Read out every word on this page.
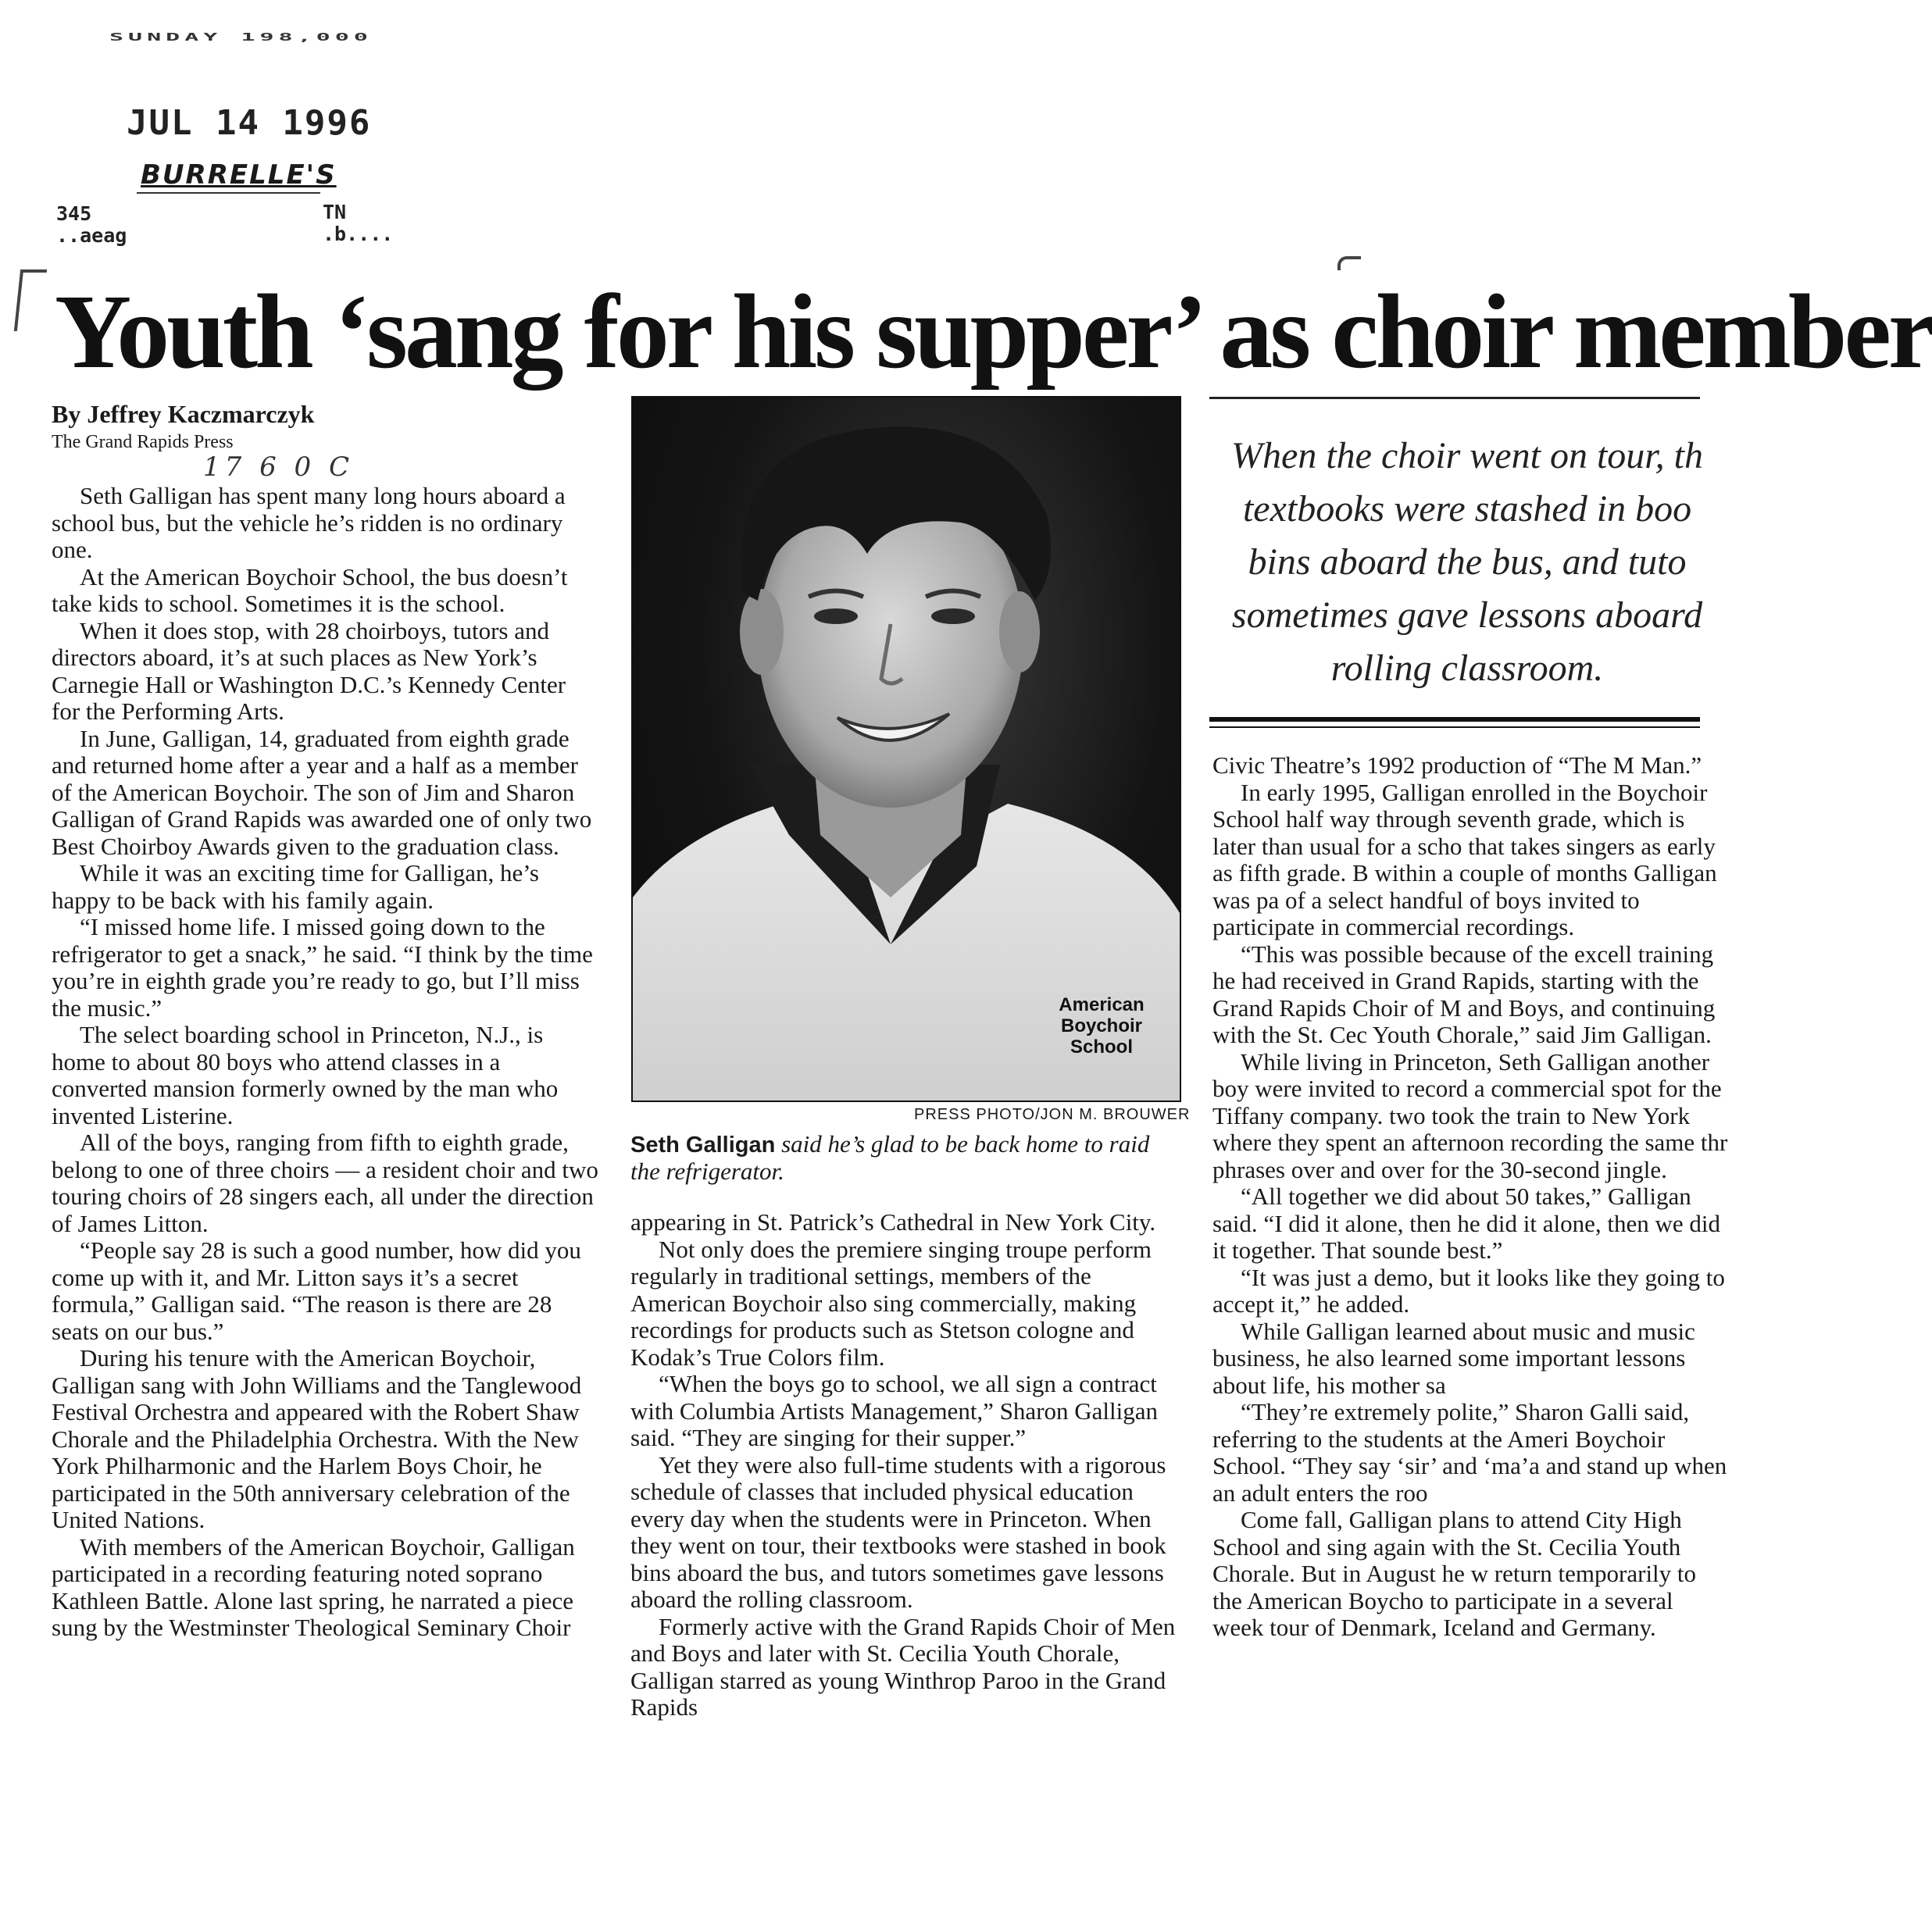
SUNDAY 198,000
JUL 14 1996
BURRELLE'S
345
..aeag
TN
.b....
Youth ‘sang for his supper’ as choir member
By Jeffrey Kaczmarczyk
The Grand Rapids Press
17 6 0 C

Seth Galligan has spent many long hours aboard a school bus, but the vehicle he’s ridden is no ordinary one.

At the American Boychoir School, the bus doesn’t take kids to school. Sometimes it is the school.

When it does stop, with 28 choirboys, tutors and directors aboard, it’s at such places as New York’s Carnegie Hall or Washington D.C.’s Kennedy Center for the Performing Arts.

In June, Galligan, 14, graduated from eighth grade and returned home after a year and a half as a member of the American Boychoir. The son of Jim and Sharon Galligan of Grand Rapids was awarded one of only two Best Choirboy Awards given to the graduation class.

While it was an exciting time for Galligan, he’s happy to be back with his family again.

“I missed home life. I missed going down to the refrigerator to get a snack,” he said. “I think by the time you’re in eighth grade you’re ready to go, but I’ll miss the music.”

The select boarding school in Princeton, N.J., is home to about 80 boys who attend classes in a converted mansion formerly owned by the man who invented Listerine.

All of the boys, ranging from fifth to eighth grade, belong to one of three choirs — a resident choir and two touring choirs of 28 singers each, all under the direction of James Litton.

“People say 28 is such a good number, how did you come up with it, and Mr. Litton says it’s a secret formula,” Galligan said. “The reason is there are 28 seats on our bus.”

During his tenure with the American Boychoir, Galligan sang with John Williams and the Tanglewood Festival Orchestra and appeared with the Robert Shaw Chorale and the Philadelphia Orchestra. With the New York Philharmonic and the Harlem Boys Choir, he participated in the 50th anniversary celebration of the United Nations.

With members of the American Boychoir, Galligan participated in a recording featuring noted soprano Kathleen Battle. Alone last spring, he narrated a piece sung by the Westminster Theological Seminary Choir

American
Boychoir
School
PRESS PHOTO/JON M. BROUWER
Seth Galligan said he’s glad to be back home to raid the refrigerator.

appearing in St. Patrick’s Cathedral in New York City.

Not only does the premiere singing troupe perform regularly in traditional settings, members of the American Boychoir also sing commercially, making recordings for products such as Stetson cologne and Kodak’s True Colors film.

“When the boys go to school, we all sign a contract with Columbia Artists Management,” Sharon Galligan said. “They are singing for their supper.”

Yet they were also full-time students with a rigorous schedule of classes that included physical education every day when the students were in Princeton. When they went on tour, their textbooks were stashed in book bins aboard the bus, and tutors sometimes gave lessons aboard the rolling classroom.

Formerly active with the Grand Rapids Choir of Men and Boys and later with St. Cecilia Youth Chorale, Galligan starred as young Winthrop Paroo in the Grand Rapids

When the choir went on tour, th textbooks were stashed in boo bins aboard the bus, and tuto sometimes gave lessons aboard rolling classroom.

Civic Theatre’s 1992 production of “The M Man.”

In early 1995, Galligan enrolled in the Boychoir School half way through seventh grade, which is later than usual for a scho that takes singers as early as fifth grade. B within a couple of months Galligan was pa of a select handful of boys invited to participate in commercial recordings.

“This was possible because of the excell training he had received in Grand Rapids, starting with the Grand Rapids Choir of M and Boys, and continuing with the St. Cec Youth Chorale,” said Jim Galligan.

While living in Princeton, Seth Galligan another boy were invited to record a commercial spot for the Tiffany company. two took the train to New York where they spent an afternoon recording the same thr phrases over and over for the 30-second jingle.

“All together we did about 50 takes,” Galligan said. “I did it alone, then he did it alone, then we did it together. That sounde best.”

“It was just a demo, but it looks like they going to accept it,” he added.

While Galligan learned about music and music business, he also learned some important lessons about life, his mother sa

“They’re extremely polite,” Sharon Galli said, referring to the students at the Ameri Boychoir School. “They say ‘sir’ and ‘ma’a and stand up when an adult enters the roo

Come fall, Galligan plans to attend City High School and sing again with the St. Cecilia Youth Chorale. But in August he w return temporarily to the American Boycho to participate in a several week tour of Denmark, Iceland and Germany.
